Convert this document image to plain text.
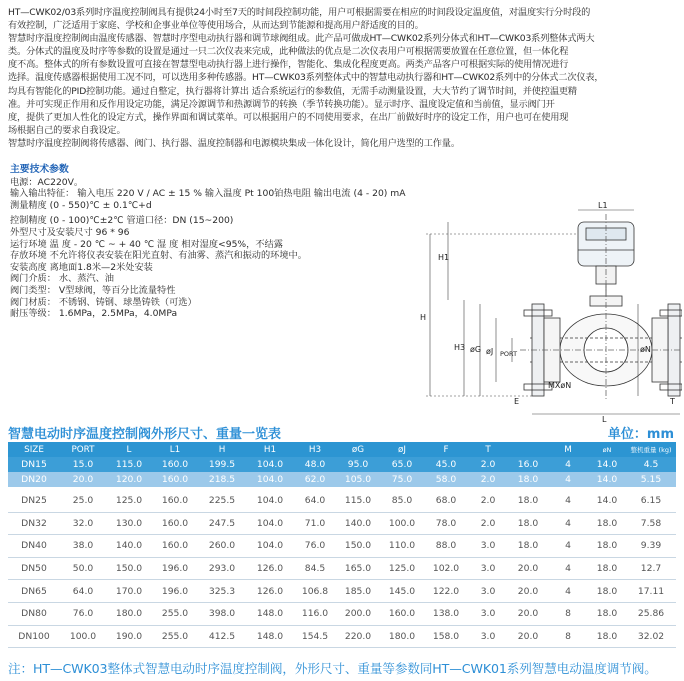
HT—CWK02/03系列时序温度控制阀具有提供24小时至7天的时间段控制功能，用户可根据需要在相应的时间段设定温度值，对温度实行分时段的

有效控制，广泛适用于家庭、学校和企事业单位等使用场合，从而达到节能源和提高用户舒适度的目的。

智慧时序温度控制阀由温度传感器、智慧时序型电动执行器和调节球阀组成。此产品可做成HT—CWK02系列分体式和HT—CWK03系列整体式两大

类。分体式的温度及时序等参数的设置是通过一只二次仪表来完成，此种做法的优点是二次仪表用户可根据需要放置在任意位置，但一体化程

度不高。整体式的所有参数设置可直接在智慧型电动执行器上进行操作，智能化、集成化程度更高。两类产品客户可根据实际的使用情况进行

选择。温度传感器根据使用工况不同，可以选用多种传感器。HT—CWK03系列整体式中的智慧电动执行器和HT—CWK02系列中的分体式二次仪表，

均具有智能化的PID控制功能。通过自整定，执行器将计算出 适合系统运行的参数值，无需手动测量设置，大大节约了调节时间，并使控温更精

准。并可实现正作用和反作用设定功能，满足冷源调节和热源调节的转换（季节转换功能）。显示时序、温度设定值和当前值，显示阀门开

度，提供了更加人性化的设定方式，操作界面和调试菜单。可以根据用户的不同使用要求，在出厂前做好时序的设定工作，用户也可在使用现

场根据自己的要求自我设定。

智慧时序温度控制阀将传感器、阀门、执行器、温度控制器和电源模块集成一体化设计，简化用户选型的工作量。

主要技术参数
电源：AC220V。
输入输出特征： 输入电压 220 V / AC ± 15 % 输入温度 Pt 100铂热电阻 输出电流 (4 - 20) mA
测量精度 (0 - 550)℃ ± 0.1℃+d
控制精度 (0 - 100)℃±2℃ 管道口径：DN (15~200)
外型尺寸及安装尺寸 96 * 96
运行环境 温 度 - 20 ℃ ~ + 40 ℃ 湿 度 相对湿度<95%，不结露
存放环境 不允许将仪表安装在阳光直射、有油雾、蒸汽和振动的环境中。
安装高度 离地面1.8米—2米处安装
阀门介质： 水、蒸汽、油
阀门类型： V型球阀，等百分比流量特性
阀门材质： 不锈钢、铸钢、球墨铸铁（可选）
耐压等级： 1.6MPa，2.5MPa，4.0MPa
L1
H
H1
H3 øG øJ PORT	øN
MXøN
E
L
T
智慧电动时序温度控制阀外形尺寸、重量一览表	单位：mm
SIZE	PORT	L	L1	H	H1	H3	øG	øJ	F	T		M	øN	整机重量 (kg)
DN15	15.0	115.0	160.0	199.5	104.0	48.0	95.0	65.0	45.0	2.0	16.0	4	14.0	4.5
DN20	20.0	120.0	160.0	218.5	104.0	62.0	105.0	75.0	58.0	2.0	18.0	4	14.0	5.15
DN25	25.0	125.0	160.0	225.5	104.0	64.0	115.0	85.0	68.0	2.0	18.0	4	14.0	6.15
DN32	32.0	130.0	160.0	247.5	104.0	71.0	140.0	100.0	78.0	2.0	18.0	4	18.0	7.58
DN40	38.0	140.0	160.0	260.0	104.0	76.0	150.0	110.0	88.0	3.0	18.0	4	18.0	9.39
DN50	50.0	150.0	196.0	293.0	126.0	84.5	165.0	125.0	102.0	3.0	20.0	4	18.0	12.7
DN65	64.0	170.0	196.0	325.3	126.0	106.8	185.0	145.0	122.0	3.0	20.0	4	18.0	17.11
DN80	76.0	180.0	255.0	398.0	148.0	116.0	200.0	160.0	138.0	3.0	20.0	8	18.0	25.86
DN100	100.0	190.0	255.0	412.5	148.0	154.5	220.0	180.0	158.0	3.0	20.0	8	18.0	32.02
注：HT—CWK03整体式智慧电动时序温度控制阀，外形尺寸、重量等参数同HT—CWK01系列智慧电动温度调节阀。
